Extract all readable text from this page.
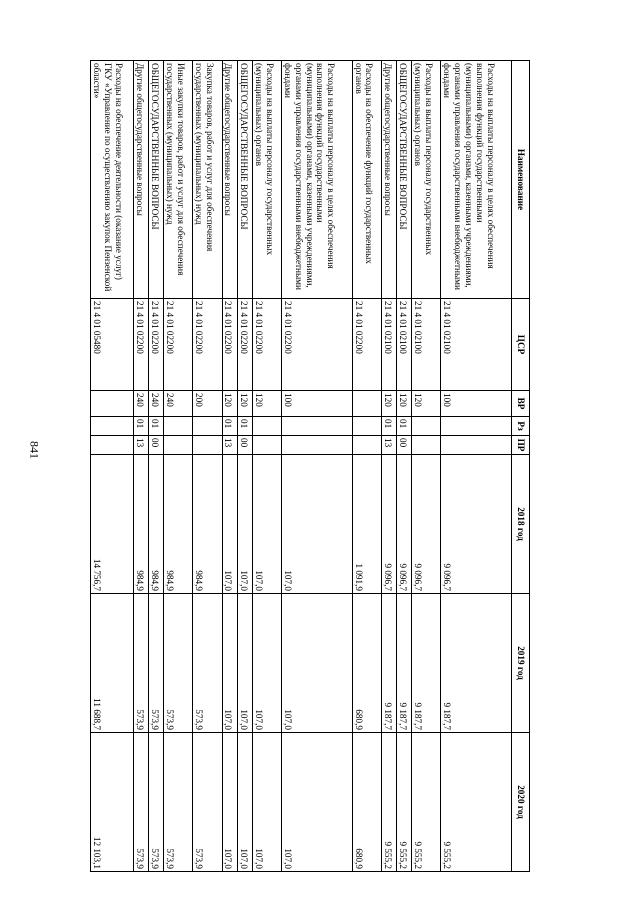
841
Наименование	ЦСР	ВР	Рз	ПР	2018 год	2019 год	2020 год
Расходы на выплаты персоналу в целях обеспечения выполнения функций государственными (муниципальными) органами, казенными учреждениями, органами управления государственными внебюджетными фондами	21 4 01 02100	100			9 096,7	9 187,7	9 555,2
Расходы на выплаты персоналу государственных (муниципальных) органов	21 4 01 02100	120			9 096,7	9 187,7	9 555,2
ОБЩЕГОСУДАРСТВЕННЫЕ ВОПРОСЫ	21 4 01 02100	120	01	00	9 096,7	9 187,7	9 555,2
Другие общегосударственные вопросы	21 4 01 02100	120	01	13	9 096,7	9 187,7	9 555,2
Расходы на обеспечение функций государственных органов	21 4 01 02200				1 091,9	680,9	680,9
Расходы на выплаты персоналу в целях обеспечения выполнения функций государственными (муниципальными) органами, казенными учреждениями, органами управления государственными внебюджетными фондами	21 4 01 02200	100			107,0	107,0	107,0
Расходы на выплаты персоналу государственных (муниципальных) органов	21 4 01 02200	120			107,0	107,0	107,0
ОБЩЕГОСУДАРСТВЕННЫЕ ВОПРОСЫ	21 4 01 02200	120	01	00	107,0	107,0	107,0
Другие общегосударственные вопросы	21 4 01 02200	120	01	13	107,0	107,0	107,0
Закупка товаров, работ и услуг для обеспечения государственных (муниципальных) нужд	21 4 01 02200	200			984,9	573,9	573,9
Иные закупки товаров, работ и услуг для обеспечения государственных (муниципальных) нужд	21 4 01 02200	240			984,9	573,9	573,9
ОБЩЕГОСУДАРСТВЕННЫЕ ВОПРОСЫ	21 4 01 02200	240	01	00	984,9	573,9	573,9
Другие общегосударственные вопросы	21 4 01 02200	240	01	13	984,9	573,9	573,9
Расходы на обеспечение деятельности (оказание услуг) ГКУ «Управление по осуществлению закупок Пензенской области»	21 4 01 05480				14 756,7	11 688,7	12 103,1
